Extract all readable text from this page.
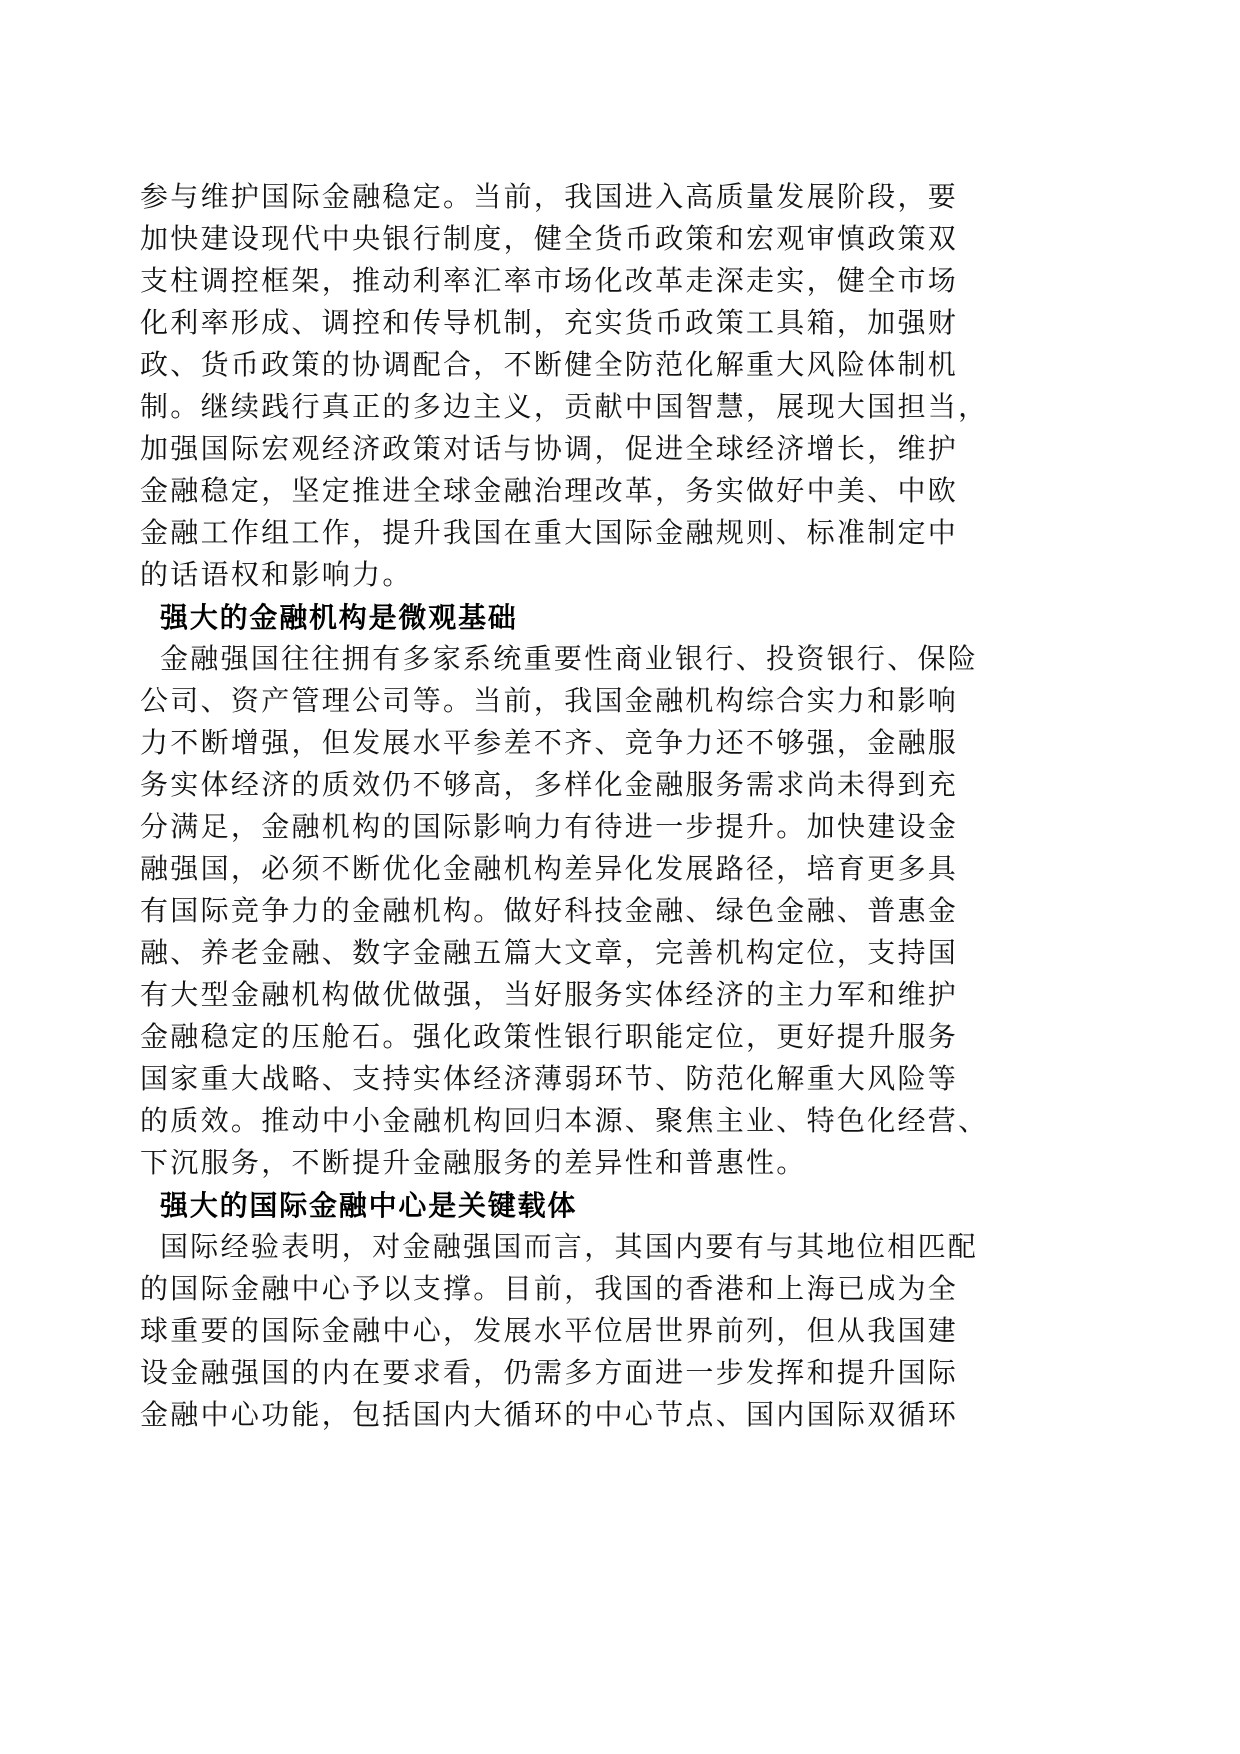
参与维护国际金融稳定。当前，我国进入高质量发展阶段，要
加快建设现代中央银行制度，健全货币政策和宏观审慎政策双
支柱调控框架，推动利率汇率市场化改革走深走实，健全市场
化利率形成、调控和传导机制，充实货币政策工具箱，加强财
政、货币政策的协调配合，不断健全防范化解重大风险体制机
制。继续践行真正的多边主义，贡献中国智慧，展现大国担当，
加强国际宏观经济政策对话与协调，促进全球经济增长，维护
金融稳定，坚定推进全球金融治理改革，务实做好中美、中欧
金融工作组工作，提升我国在重大国际金融规则、标准制定中
的话语权和影响力。
强大的金融机构是微观基础
金融强国往往拥有多家系统重要性商业银行、投资银行、保险
公司、资产管理公司等。当前，我国金融机构综合实力和影响
力不断增强，但发展水平参差不齐、竞争力还不够强，金融服
务实体经济的质效仍不够高，多样化金融服务需求尚未得到充
分满足，金融机构的国际影响力有待进一步提升。加快建设金
融强国，必须不断优化金融机构差异化发展路径，培育更多具
有国际竞争力的金融机构。做好科技金融、绿色金融、普惠金
融、养老金融、数字金融五篇大文章，完善机构定位，支持国
有大型金融机构做优做强，当好服务实体经济的主力军和维护
金融稳定的压舱石。强化政策性银行职能定位，更好提升服务
国家重大战略、支持实体经济薄弱环节、防范化解重大风险等
的质效。推动中小金融机构回归本源、聚焦主业、特色化经营、
下沉服务，不断提升金融服务的差异性和普惠性。
强大的国际金融中心是关键载体
国际经验表明，对金融强国而言，其国内要有与其地位相匹配
的国际金融中心予以支撑。目前，我国的香港和上海已成为全
球重要的国际金融中心，发展水平位居世界前列，但从我国建
设金融强国的内在要求看，仍需多方面进一步发挥和提升国际
金融中心功能，包括国内大循环的中心节点、国内国际双循环
